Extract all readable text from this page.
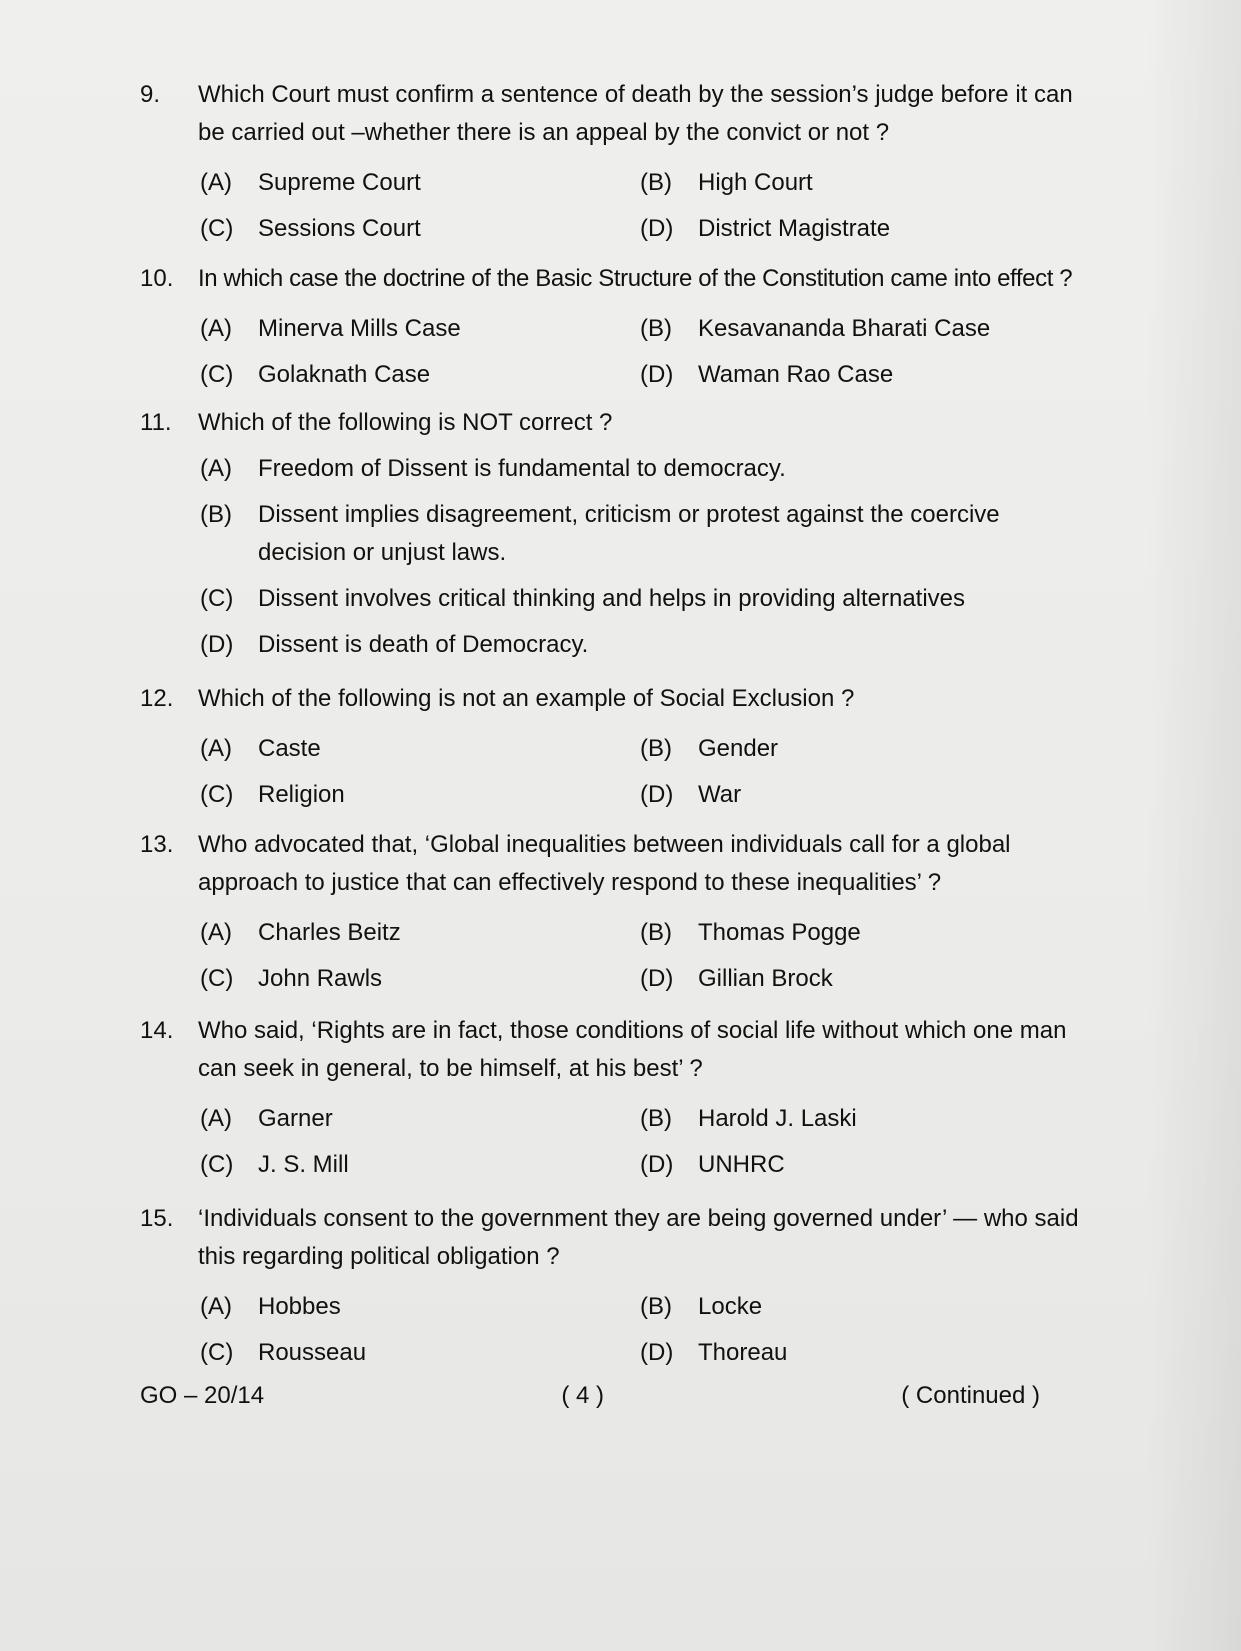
9.	Which Court must confirm a sentence of death by the session’s judge before it can be carried out –whether there is an appeal by the convict or not ?
(A)	Supreme Court	(B)	High Court
(C)	Sessions Court	(D)	District Magistrate
10.	In which case the doctrine of the Basic Structure of the Constitution came into effect ?
(A)	Minerva Mills Case	(B)	Kesavananda Bharati Case
(C)	Golaknath Case	(D)	Waman Rao Case
11.	Which of the following is NOT correct ?
(A)	Freedom of Dissent is fundamental to democracy.
(B)	Dissent implies disagreement, criticism or protest against the coercive decision or unjust laws.
(C)	Dissent involves critical thinking and helps in providing alternatives
(D)	Dissent is death of Democracy.
12.	Which of the following is not an example of Social Exclusion ?
(A)	Caste	(B)	Gender
(C)	Religion	(D)	War
13.	Who advocated that, ‘Global inequalities between individuals call for a global approach to justice that can effectively respond to these inequalities’ ?
(A)	Charles Beitz	(B)	Thomas Pogge
(C)	John Rawls	(D)	Gillian Brock
14.	Who said, ‘Rights are in fact, those conditions of social life without which one man can seek in general, to be himself, at his best’ ?
(A)	Garner	(B)	Harold J. Laski
(C)	J. S. Mill	(D)	UNHRC
15.	‘Individuals consent to the government they are being governed under’ — who said this regarding political obligation ?
(A)	Hobbes	(B)	Locke
(C)	Rousseau	(D)	Thoreau
GO – 20/14	( 4 )	( Continued )
